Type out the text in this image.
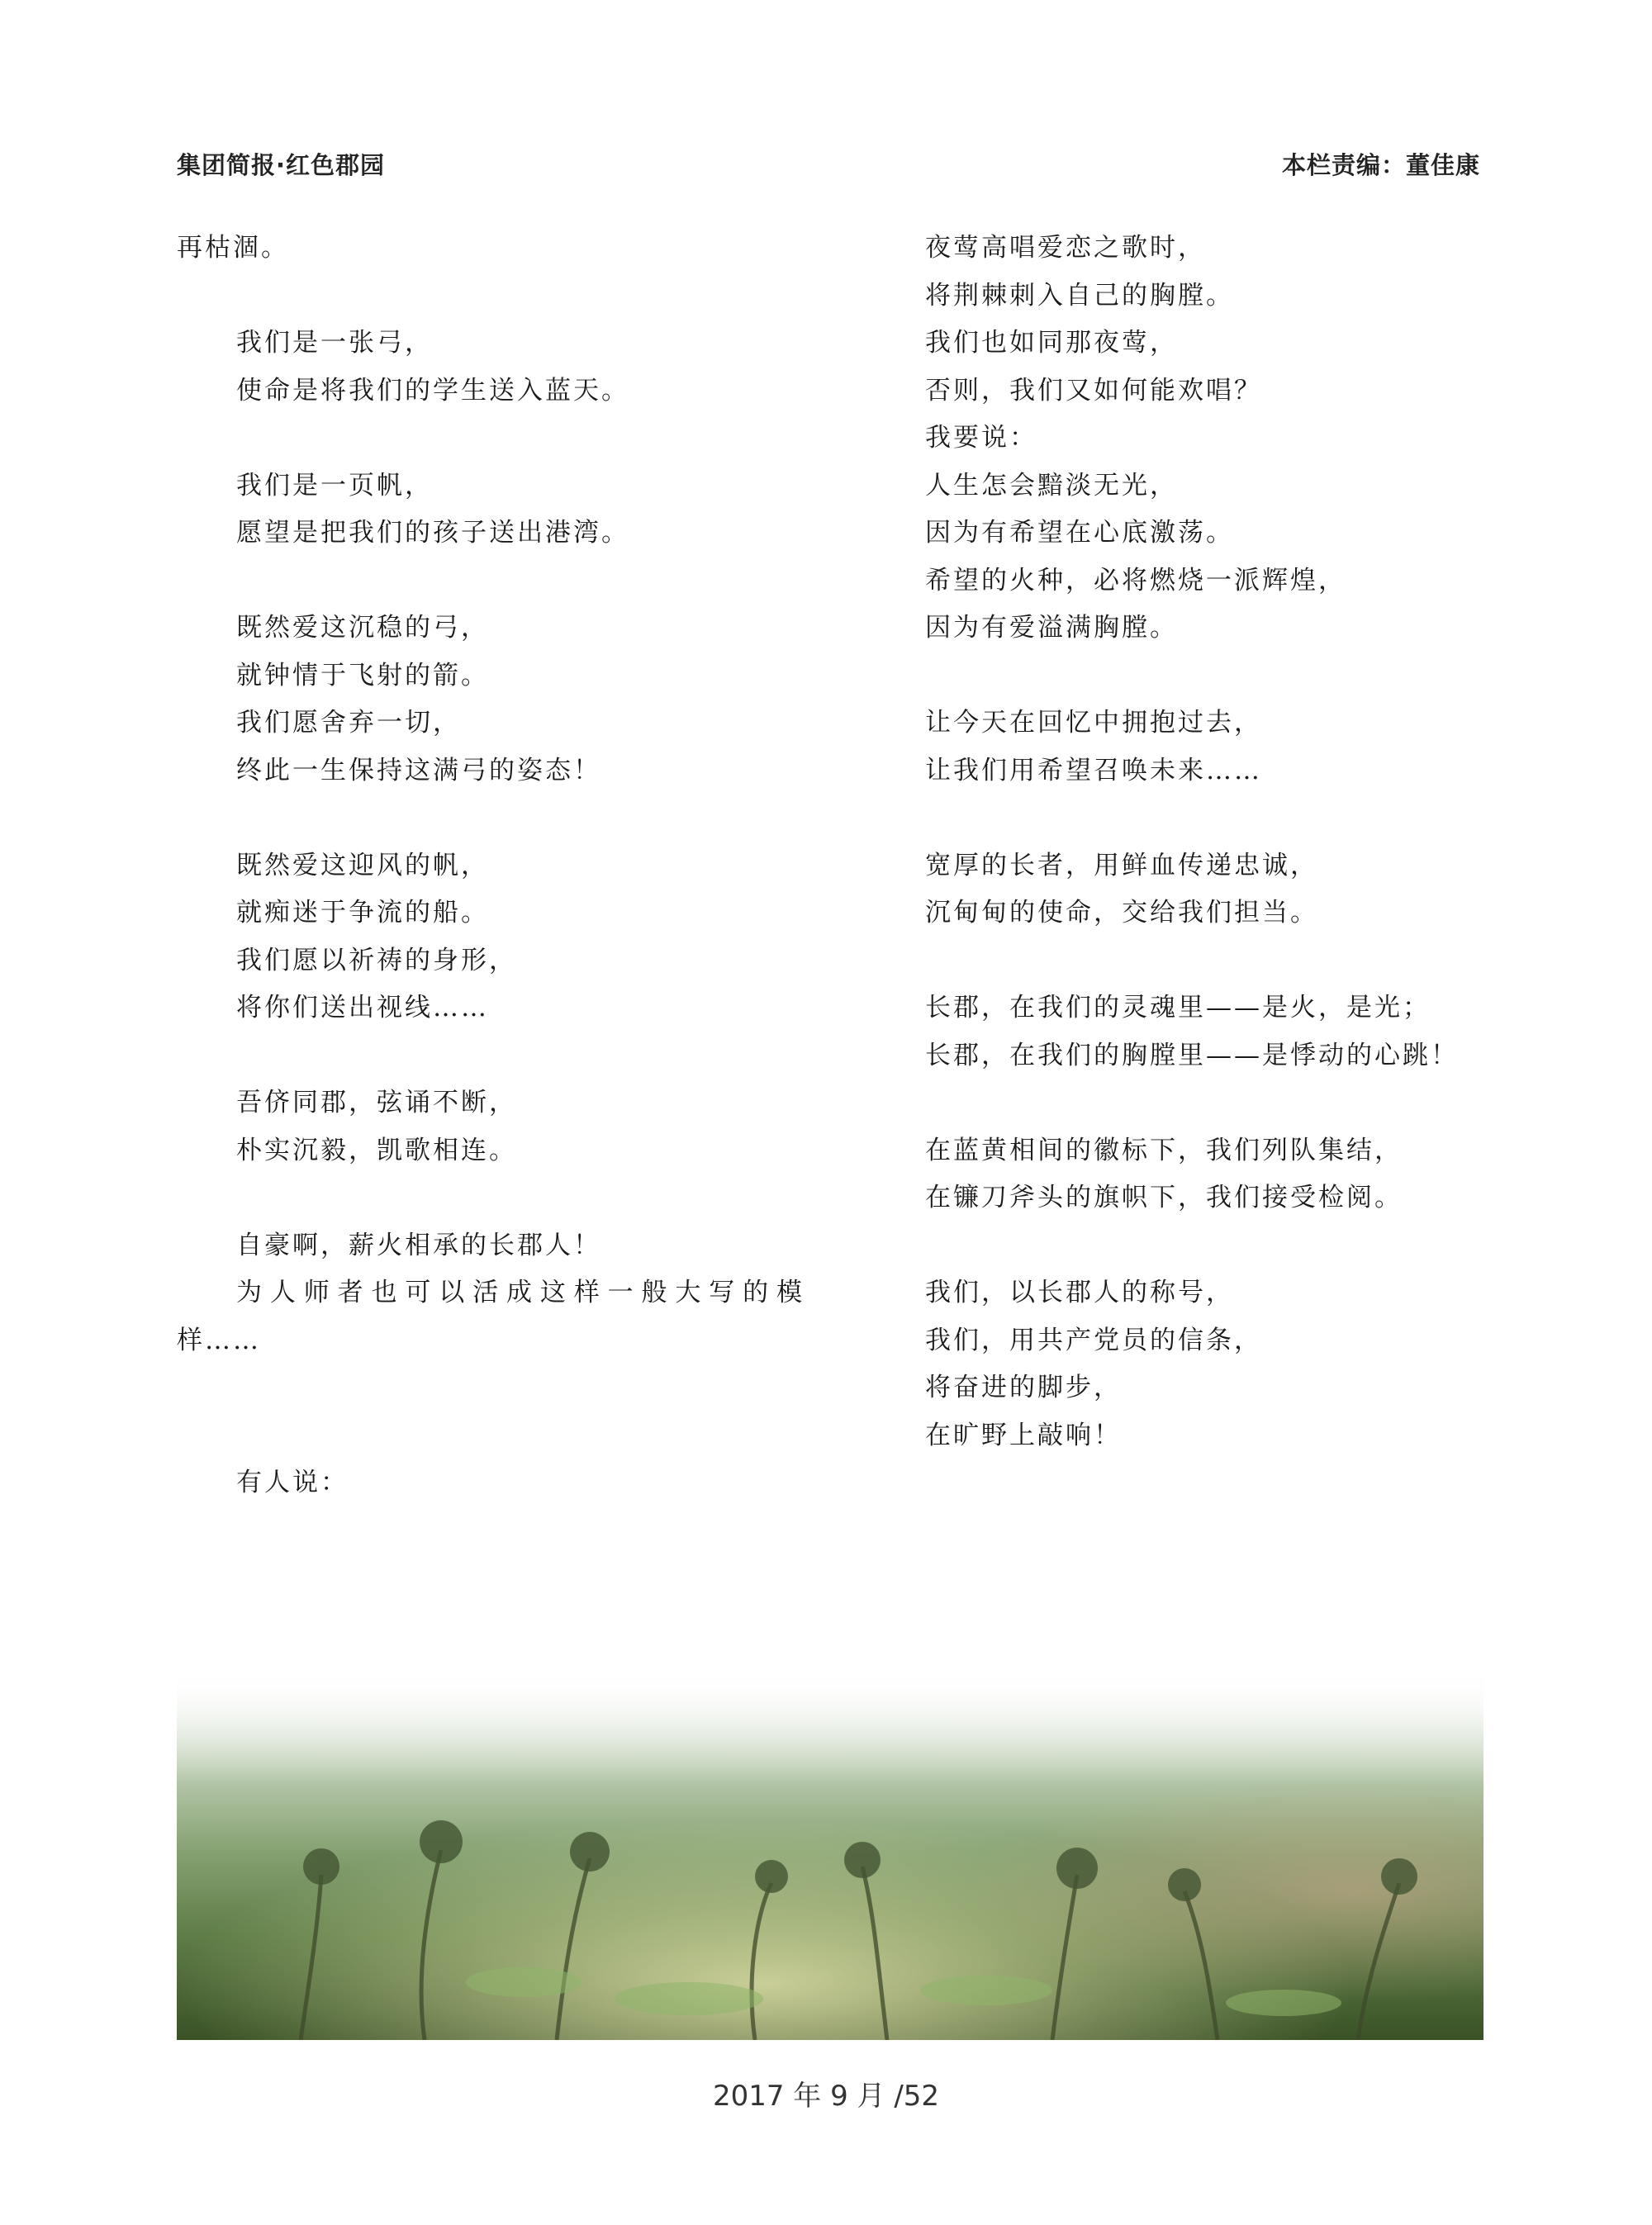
集团简报·红色郡园	本栏责编：董佳康
再枯涸。
我们是一张弓，
使命是将我们的学生送入蓝天。
我们是一页帆，
愿望是把我们的孩子送出港湾。
既然爱这沉稳的弓，
就钟情于飞射的箭。
我们愿舍弃一切，
终此一生保持这满弓的姿态！
既然爱这迎风的帆，
就痴迷于争流的船。
我们愿以祈祷的身形，
将你们送出视线……
吾侪同郡，弦诵不断，
朴实沉毅，凯歌相连。
自豪啊，薪火相承的长郡人！
为人师者也可以活成这样一般大写的模
样……
有人说：
夜莺高唱爱恋之歌时，
将荆棘刺入自己的胸膛。
我们也如同那夜莺，
否则，我们又如何能欢唱？
我要说：
人生怎会黯淡无光，
因为有希望在心底激荡。
希望的火种，必将燃烧一派辉煌，
因为有爱溢满胸膛。
让今天在回忆中拥抱过去，
让我们用希望召唤未来……
宽厚的长者，用鲜血传递忠诚，
沉甸甸的使命，交给我们担当。
长郡，在我们的灵魂里——是火，是光；
长郡，在我们的胸膛里——是悸动的心跳！
在蓝黄相间的徽标下，我们列队集结，
在镰刀斧头的旗帜下，我们接受检阅。
我们，以长郡人的称号，
我们，用共产党员的信条，
将奋进的脚步，
在旷野上敲响！
2017 年 9 月 /52
